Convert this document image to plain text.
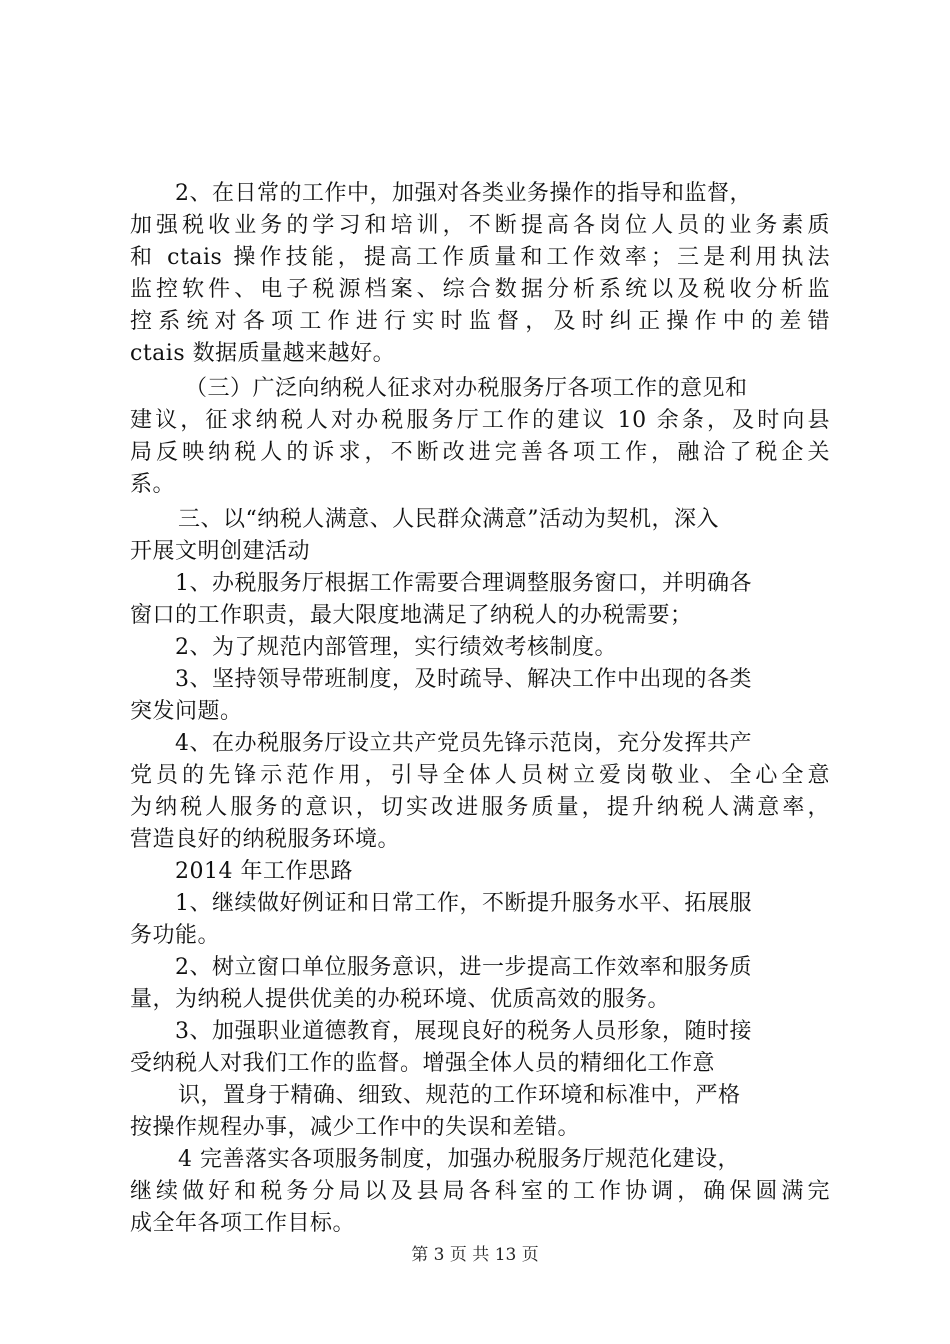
2、在日常的工作中，加强对各类业务操作的指导和监督，
加强税收业务的学习和培训，不断提高各岗位人员的业务素质
和 ctais 操作技能，提高工作质量和工作效率；三是利用执法
监控软件、电子税源档案、综合数据分析系统以及税收分析监
控系统对各项工作进行实时监督，及时纠正操作中的差错
ctais 数据质量越来越好。
（三）广泛向纳税人征求对办税服务厅各项工作的意见和
建议，征求纳税人对办税服务厅工作的建议 10 余条，及时向县
局反映纳税人的诉求，不断改进完善各项工作，融洽了税企关
系。
三、以“纳税人满意、人民群众满意”活动为契机，深入
开展文明创建活动
1、办税服务厅根据工作需要合理调整服务窗口，并明确各
窗口的工作职责，最大限度地满足了纳税人的办税需要；
2、为了规范内部管理，实行绩效考核制度。
3、坚持领导带班制度，及时疏导、解决工作中出现的各类
突发问题。
4、在办税服务厅设立共产党员先锋示范岗，充分发挥共产
党员的先锋示范作用，引导全体人员树立爱岗敬业、全心全意
为纳税人服务的意识，切实改进服务质量，提升纳税人满意率，
营造良好的纳税服务环境。
2014 年工作思路
1、继续做好例证和日常工作，不断提升服务水平、拓展服
务功能。
2、树立窗口单位服务意识，进一步提高工作效率和服务质
量，为纳税人提供优美的办税环境、优质高效的服务。
3、加强职业道德教育，展现良好的税务人员形象，随时接
受纳税人对我们工作的监督。增强全体人员的精细化工作意
识，置身于精确、细致、规范的工作环境和标准中，严格
按操作规程办事，减少工作中的失误和差错。
4 完善落实各项服务制度，加强办税服务厅规范化建设，
继续做好和税务分局以及县局各科室的工作协调，确保圆满完
成全年各项工作目标。
第 3 页 共 13 页
